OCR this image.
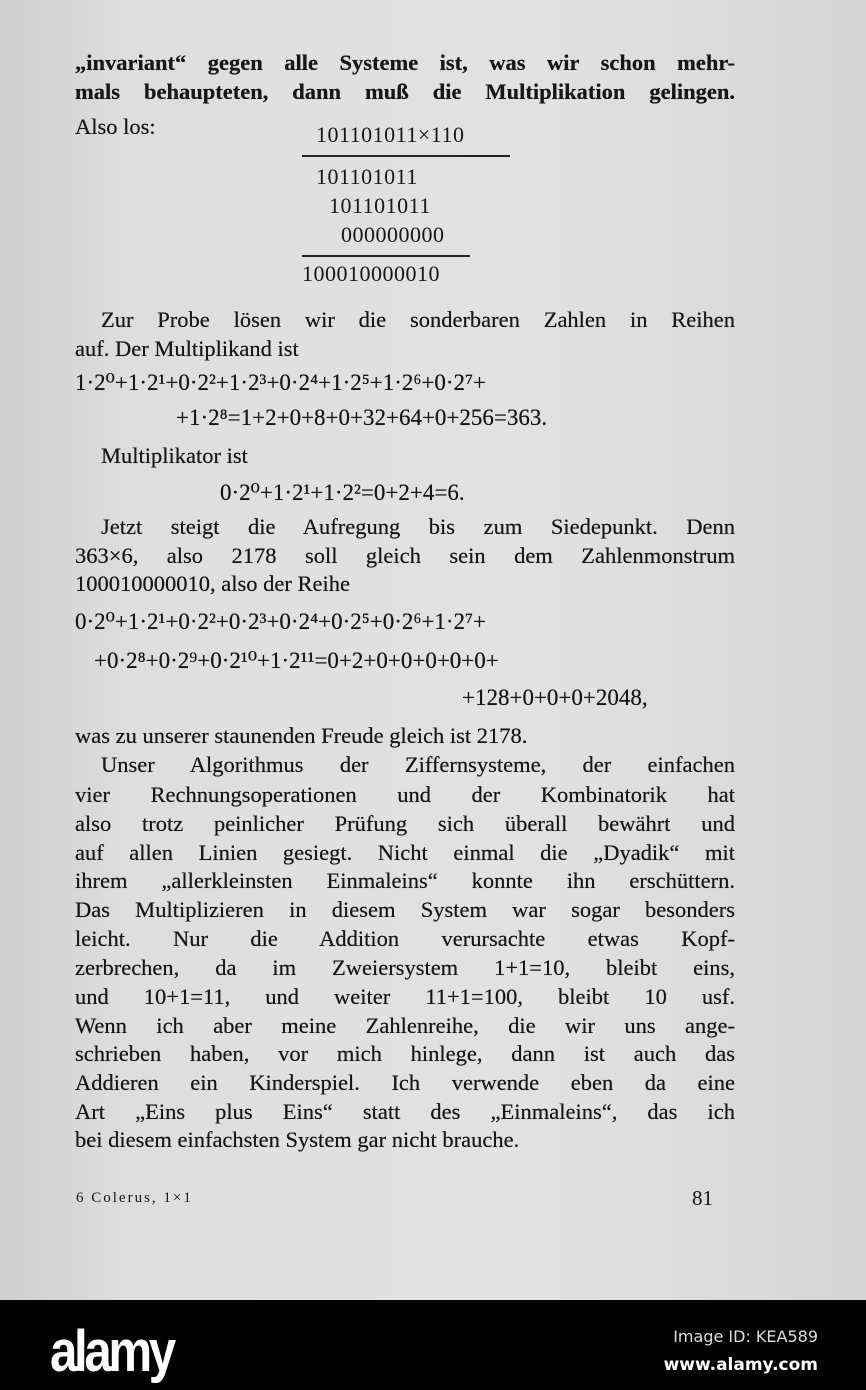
„invariant“ gegen alle Systeme ist, was wir schon mehr-
mals behaupteten, dann muß die Multiplikation gelingen.
Also los:	101101011×110
101101011
101101011
000000000
100010000010
Zur Probe lösen wir die sonderbaren Zahlen in Reihen
auf. Der Multiplikand ist
1·2⁰+1·2¹+0·2²+1·2³+0·2⁴+1·2⁵+1·2⁶+0·2⁷+
+1·2⁸=1+2+0+8+0+32+64+0+256=363.
Multiplikator ist
0·2⁰+1·2¹+1·2²=0+2+4=6.
Jetzt steigt die Aufregung bis zum Siedepunkt. Denn
363×6, also 2178 soll gleich sein dem Zahlenmonstrum
100010000010, also der Reihe
0·2⁰+1·2¹+0·2²+0·2³+0·2⁴+0·2⁵+0·2⁶+1·2⁷+
+0·2⁸+0·2⁹+0·2¹⁰+1·2¹¹=0+2+0+0+0+0+0+
+128+0+0+0+2048,
was zu unserer staunenden Freude gleich ist 2178.
Unser Algorithmus der Ziffernsysteme, der einfachen
vier Rechnungsoperationen und der Kombinatorik hat
also trotz peinlicher Prüfung sich überall bewährt und
auf allen Linien gesiegt. Nicht einmal die „Dyadik“ mit
ihrem „allerkleinsten Einmaleins“ konnte ihn erschüttern.
Das Multiplizieren in diesem System war sogar besonders
leicht. Nur die Addition verursachte etwas Kopf-
zerbrechen, da im Zweiersystem 1+1=10, bleibt eins,
und 10+1=11, und weiter 11+1=100, bleibt 10 usf.
Wenn ich aber meine Zahlenreihe, die wir uns ange-
schrieben haben, vor mich hinlege, dann ist auch das
Addieren ein Kinderspiel. Ich verwende eben da eine
Art „Eins plus Eins“ statt des „Einmaleins“, das ich
bei diesem einfachsten System gar nicht brauche.
6 Colerus, 1×1	81
alamy	Image ID: KEA589
www.alamy.com
